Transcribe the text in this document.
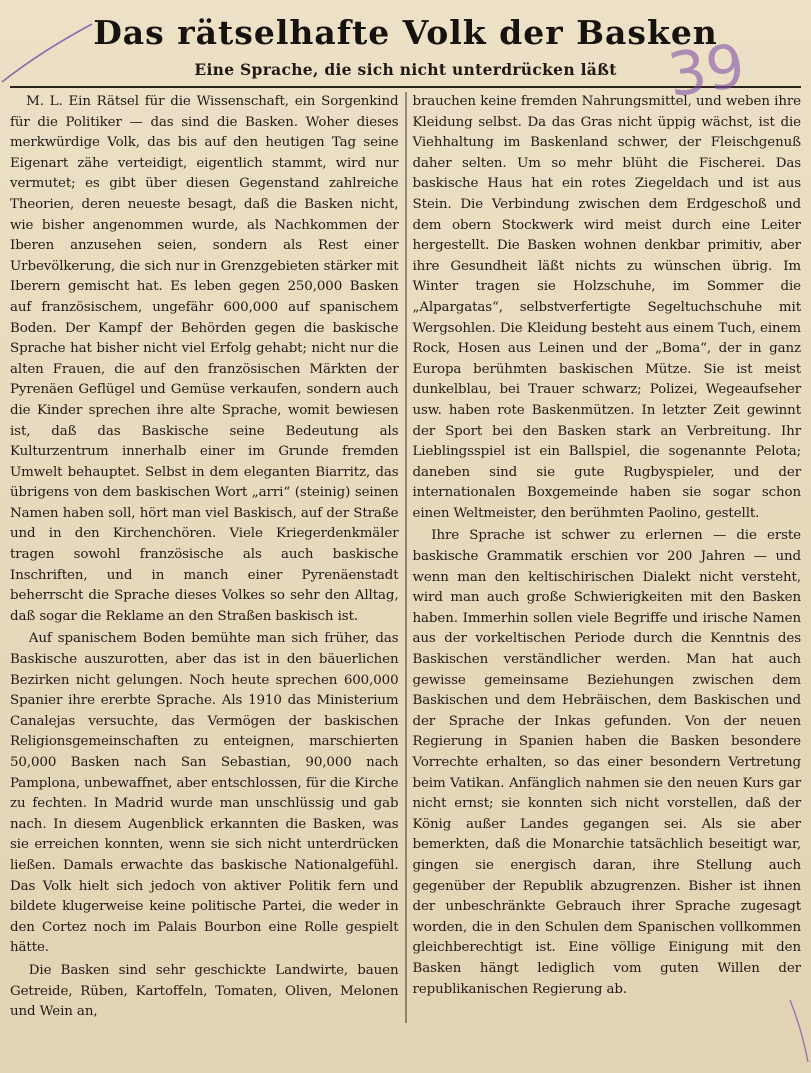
Das rätselhafte Volk der Basken
Eine Sprache, die sich nicht unterdrücken läßt

M. L. Ein Rätsel für die Wissenschaft, ein Sorgenkind für die Politiker — das sind die Basken. Woher dieses merkwürdige Volk, das bis auf den heutigen Tag seine Eigenart zähe verteidigt, eigentlich stammt, wird nur vermutet; es gibt über diesen Gegenstand zahlreiche Theorien, deren neueste besagt, daß die Basken nicht, wie bisher angenommen wurde, als Nachkommen der Iberen anzusehen seien, sondern als Rest einer Urbevölkerung, die sich nur in Grenzgebieten stärker mit Iberern gemischt hat. Es leben gegen 250,000 Basken auf französischem, ungefähr 600,000 auf spanischem Boden. Der Kampf der Behörden gegen die baskische Sprache hat bisher nicht viel Erfolg gehabt; nicht nur die alten Frauen, die auf den französischen Märkten der Pyrenäen Geflügel und Gemüse verkaufen, sondern auch die Kinder sprechen ihre alte Sprache, womit bewiesen ist, daß das Baskische seine Bedeutung als Kulturzentrum innerhalb einer im Grunde fremden Umwelt behauptet. Selbst in dem eleganten Biarritz, das übrigens von dem baskischen Wort „arri“ (steinig) seinen Namen haben soll, hört man viel Baskisch, auf der Straße und in den Kirchenchören. Viele Kriegerdenkmäler tragen sowohl französische als auch baskische Inschriften, und in manch einer Pyrenäenstadt beherrscht die Sprache dieses Volkes so sehr den Alltag, daß sogar die Reklame an den Straßen baskisch ist.

Auf spanischem Boden bemühte man sich früher, das Baskische auszurotten, aber das ist in den bäuerlichen Bezirken nicht gelungen. Noch heute sprechen 600,000 Spanier ihre ererbte Sprache. Als 1910 das Ministerium Canalejas versuchte, das Vermögen der baskischen Religionsgemeinschaften zu enteignen, marschierten 50,000 Basken nach San Sebastian, 90,000 nach Pamplona, unbewaffnet, aber entschlossen, für die Kirche zu fechten. In Madrid wurde man unschlüssig und gab nach. In diesem Augenblick erkannten die Basken, was sie erreichen konnten, wenn sie sich nicht unterdrücken ließen. Damals erwachte das baskische Nationalgefühl. Das Volk hielt sich jedoch von aktiver Politik fern und bildete klugerweise keine politische Partei, die weder in den Cortez noch im Palais Bourbon eine Rolle gespielt hätte.

Die Basken sind sehr geschickte Landwirte, bauen Getreide, Rüben, Kartoffeln, Tomaten, Oliven, Melonen und Wein an,

brauchen keine fremden Nahrungsmittel, und weben ihre Kleidung selbst. Da das Gras nicht üppig wächst, ist die Viehhaltung im Baskenland schwer, der Fleischgenuß daher selten. Um so mehr blüht die Fischerei. Das baskische Haus hat ein rotes Ziegeldach und ist aus Stein. Die Verbindung zwischen dem Erdgeschoß und dem obern Stockwerk wird meist durch eine Leiter hergestellt. Die Basken wohnen denkbar primitiv, aber ihre Gesundheit läßt nichts zu wünschen übrig. Im Winter tragen sie Holzschuhe, im Sommer die „Alpargatas“, selbstverfertigte Segeltuchschuhe mit Wergsohlen. Die Kleidung besteht aus einem Tuch, einem Rock, Hosen aus Leinen und der „Boma“, der in ganz Europa berühmten baskischen Mütze. Sie ist meist dunkelblau, bei Trauer schwarz; Polizei, Wegeaufseher usw. haben rote Baskenmützen. In letzter Zeit gewinnt der Sport bei den Basken stark an Verbreitung. Ihr Lieblingsspiel ist ein Ballspiel, die sogenannte Pelota; daneben sind sie gute Rugbyspieler, und der internationalen Boxgemeinde haben sie sogar schon einen Weltmeister, den berühmten Paolino, gestellt.

Ihre Sprache ist schwer zu erlernen — die erste baskische Grammatik erschien vor 200 Jahren — und wenn man den keltischirischen Dialekt nicht versteht, wird man auch große Schwierigkeiten mit den Basken haben. Immerhin sollen viele Begriffe und irische Namen aus der vorkeltischen Periode durch die Kenntnis des Baskischen verständlicher werden. Man hat auch gewisse gemeinsame Beziehungen zwischen dem Baskischen und dem Hebräischen, dem Baskischen und der Sprache der Inkas gefunden. Von der neuen Regierung in Spanien haben die Basken besondere Vorrechte erhalten, so das einer besondern Vertretung beim Vatikan. Anfänglich nahmen sie den neuen Kurs gar nicht ernst; sie konnten sich nicht vorstellen, daß der König außer Landes gegangen sei. Als sie aber bemerkten, daß die Monarchie tatsächlich beseitigt war, gingen sie energisch daran, ihre Stellung auch gegenüber der Republik abzugrenzen. Bisher ist ihnen der unbeschränkte Gebrauch ihrer Sprache zugesagt worden, die in den Schulen dem Spanischen vollkommen gleichberechtigt ist. Eine völlige Einigung mit den Basken hängt lediglich vom guten Willen der republikanischen Regierung ab.

39
